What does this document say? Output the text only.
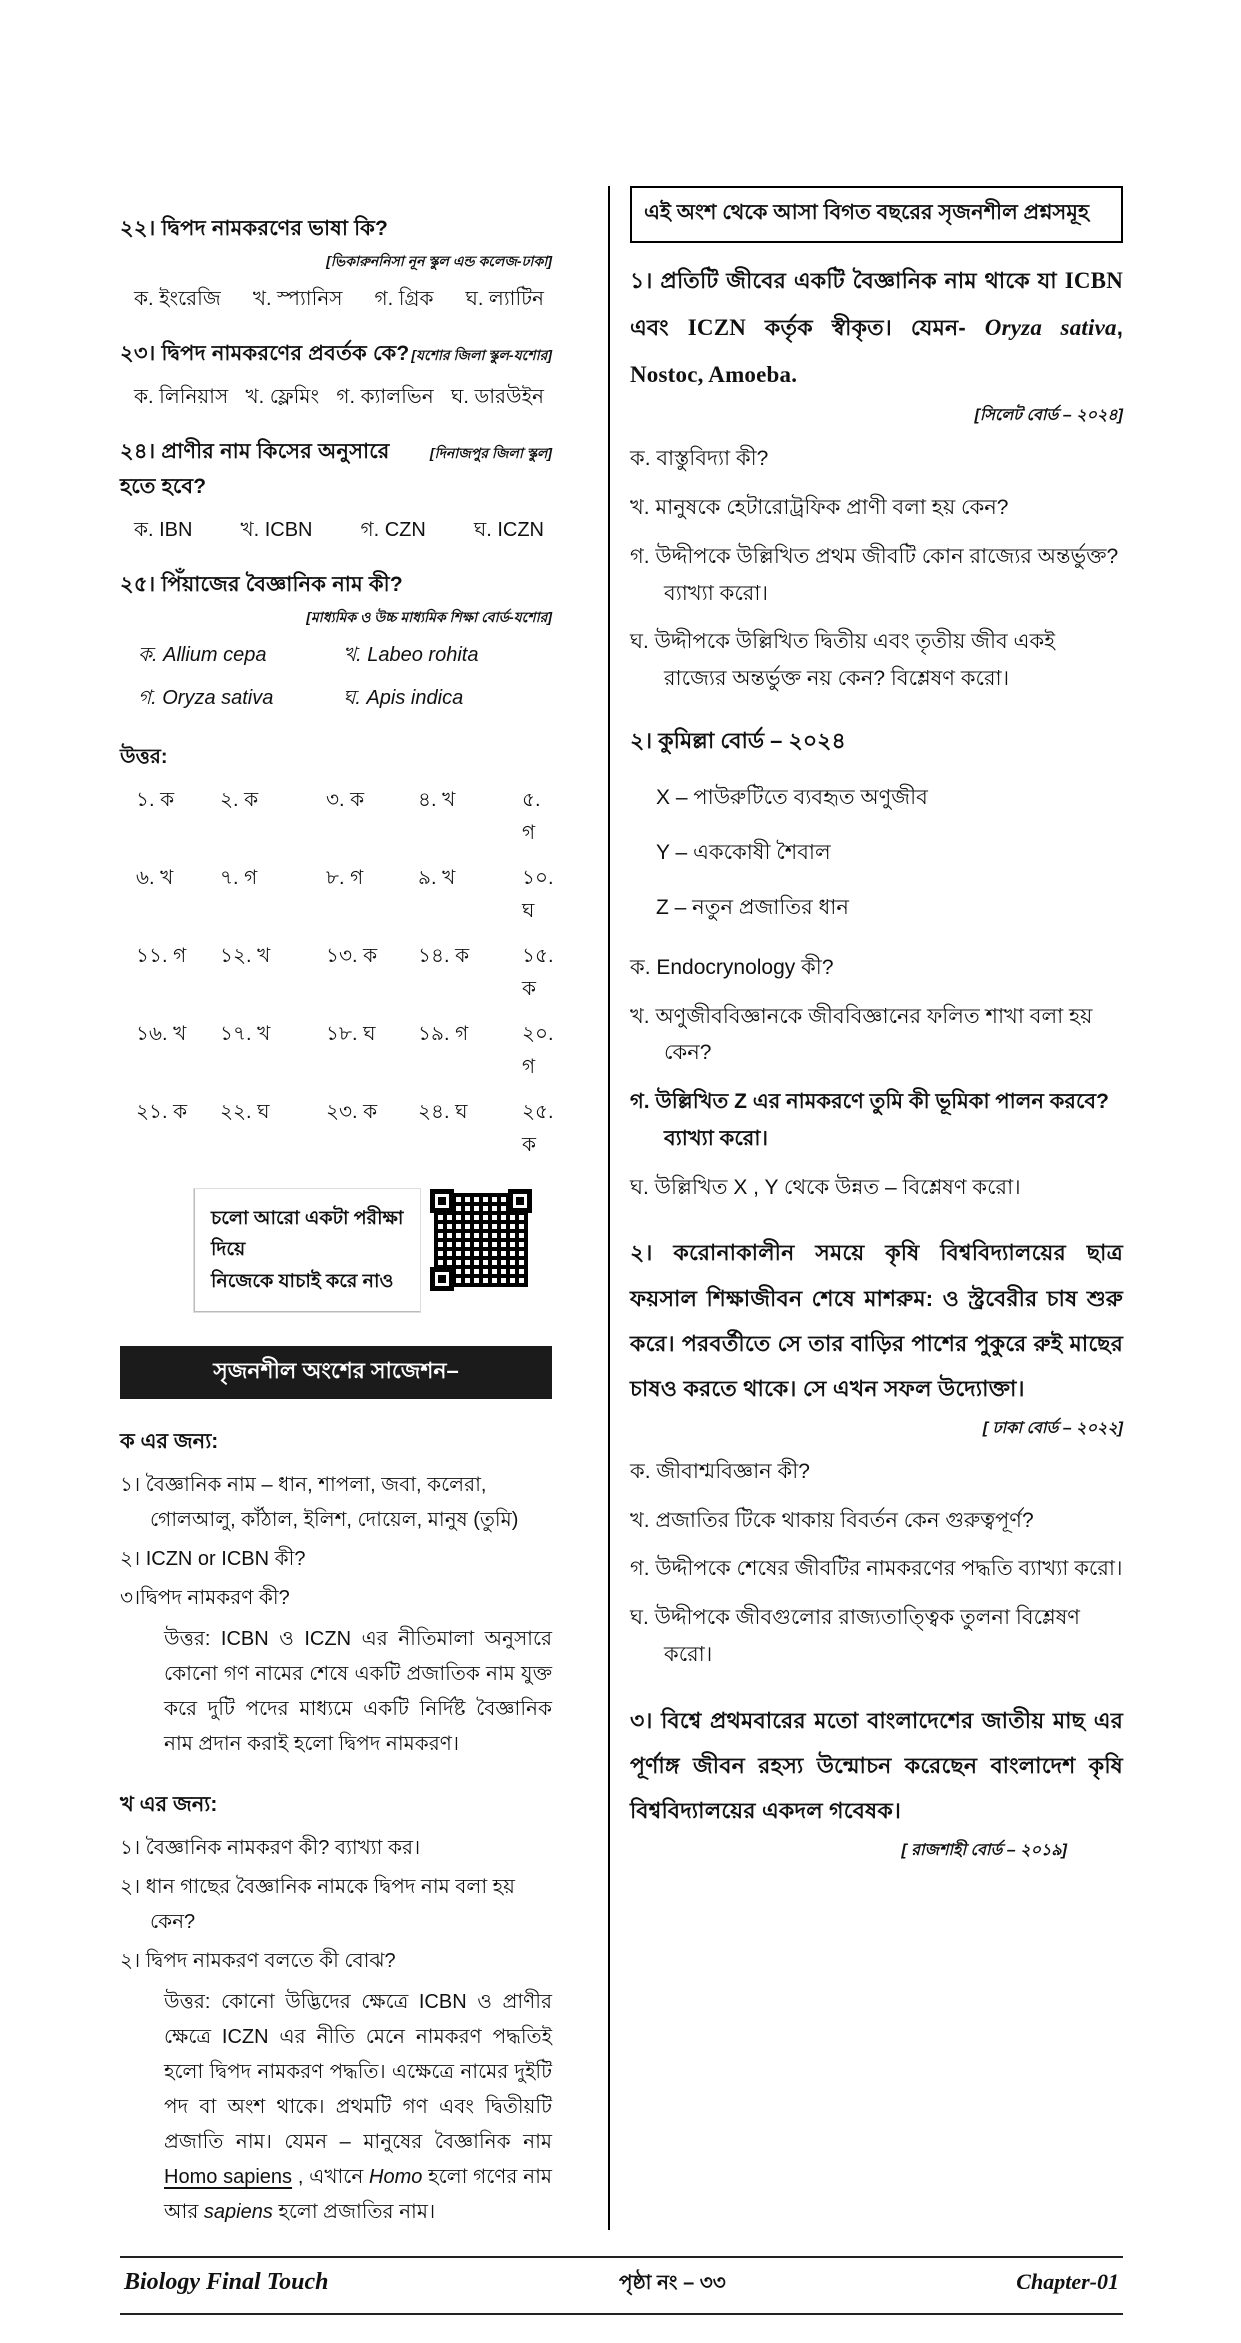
২২। দ্বিপদ নামকরণের ভাষা কি?
[ভিকারুননিসা নূন স্কুল এন্ড কলেজ-ঢাকা]
ক. ইংরেজি খ. স্প্যানিস গ. গ্রিক ঘ. ল্যাটিন
২৩। দ্বিপদ নামকরণের প্রবর্তক কে? [যশোর জিলা স্কুল-যশোর]
ক. লিনিয়াস খ. ফ্লেমিং গ. ক্যালভিন ঘ. ডারউইন
২৪। প্রাণীর নাম কিসের অনুসারে হতে হবে?
[দিনাজপুর জিলা স্কুল]
ক. IBN খ. ICBN গ. CZN ঘ. ICZN
২৫। পিঁয়াজের বৈজ্ঞানিক নাম কী?
[মাধ্যমিক ও উচ্চ মাধ্যমিক শিক্ষা বোর্ড-যশোর]
ক. Allium cepa	খ. Labeo rohita
গ. Oryza sativa	ঘ. Apis indica
উত্তর:
১. ক	২. ক	৩. ক	৪. খ	৫. গ
৬. খ	৭. গ	৮. গ	৯. খ	১০. ঘ
১১. গ	১২. খ	১৩. ক	১৪. ক	১৫. ক
১৬. খ	১৭. খ	১৮. ঘ	১৯. গ	২০. গ
২১. ক	২২. ঘ	২৩. ক	২৪. ঘ	২৫. ক
চলো আরো একটা পরীক্ষা দিয়ে
নিজেকে যাচাই করে নাও
সৃজনশীল অংশের সাজেশন–
ক এর জন্য:
১। বৈজ্ঞানিক নাম – ধান, শাপলা, জবা, কলেরা, গোলআলু, কাঁঠাল, ইলিশ, দোয়েল, মানুষ (তুমি)
২। ICZN or ICBN কী?
৩।দ্বিপদ নামকরণ কী?
উত্তর: ICBN ও ICZN এর নীতিমালা অনুসারে কোনো গণ নামের শেষে একটি প্রজাতিক নাম যুক্ত করে দুটি পদের মাধ্যমে একটি নির্দিষ্ট বৈজ্ঞানিক নাম প্রদান করাই হলো দ্বিপদ নামকরণ।
খ এর জন্য:
১। বৈজ্ঞানিক নামকরণ কী? ব্যাখ্যা কর।
২। ধান গাছের বৈজ্ঞানিক নামকে দ্বিপদ নাম বলা হয় কেন?
২। দ্বিপদ নামকরণ বলতে কী বোঝ?
উত্তর: কোনো উদ্ভিদের ক্ষেত্রে ICBN ও প্রাণীর ক্ষেত্রে ICZN এর নীতি মেনে নামকরণ পদ্ধতিই হলো দ্বিপদ নামকরণ পদ্ধতি। এক্ষেত্রে নামের দুইটি পদ বা অংশ থাকে। প্রথমটি গণ এবং দ্বিতীয়টি প্রজাতি নাম। যেমন – মানুষের বৈজ্ঞানিক নাম Homo sapiens , এখানে Homo হলো গণের নাম আর sapiens হলো প্রজাতির নাম।
এই অংশ থেকে আসা বিগত বছরের সৃজনশীল প্রশ্নসমূহ
১। প্রতিটি জীবের একটি বৈজ্ঞানিক নাম থাকে যা ICBN এবং ICZN কর্তৃক স্বীকৃত। যেমন- Oryza sativa, Nostoc, Amoeba.
[সিলেট বোর্ড – ২০২৪]
ক. বাস্তুবিদ্যা কী?
খ. মানুষকে হেটারোট্রফিক প্রাণী বলা হয় কেন?
গ. উদ্দীপকে উল্লিখিত প্রথম জীবটি কোন রাজ্যের অন্তর্ভুক্ত? ব্যাখ্যা করো।
ঘ. উদ্দীপকে উল্লিখিত দ্বিতীয় এবং তৃতীয় জীব একই রাজ্যের অন্তর্ভুক্ত নয় কেন? বিশ্লেষণ করো।
২। কুমিল্লা বোর্ড – ২০২৪
X – পাউরুটিতে ব্যবহৃত অণুজীব
Y – এককোষী শৈবাল
Z – নতুন প্রজাতির ধান
ক. Endocrynology কী?
খ. অণুজীববিজ্ঞানকে জীববিজ্ঞানের ফলিত শাখা বলা হয় কেন?
গ. উল্লিখিত Z এর নামকরণে তুমি কী ভূমিকা পালন করবে? ব্যাখ্যা করো।
ঘ. উল্লিখিত X , Y থেকে উন্নত – বিশ্লেষণ করো।
২। করোনাকালীন সময়ে কৃষি বিশ্ববিদ্যালয়ের ছাত্র ফয়সাল শিক্ষাজীবন শেষে মাশরুম: ও স্ট্রবেরীর চাষ শুরু করে। পরবর্তীতে সে তার বাড়ির পাশের পুকুরে রুই মাছের চাষও করতে থাকে। সে এখন সফল উদ্যোক্তা।
[ ঢাকা বোর্ড – ২০২২]
ক. জীবাশ্মবিজ্ঞান কী?
খ. প্রজাতির টিকে থাকায় বিবর্তন কেন গুরুত্বপূর্ণ?
গ. উদ্দীপকে শেষের জীবটির নামকরণের পদ্ধতি ব্যাখ্যা করো।
ঘ. উদ্দীপকে জীবগুলোর রাজ্যতাত্ত্বিক তুলনা বিশ্লেষণ করো।
৩। বিশ্বে প্রথমবারের মতো বাংলাদেশের জাতীয় মাছ এর পূর্ণাঙ্গ জীবন রহস্য উন্মোচন করেছেন বাংলাদেশ কৃষি বিশ্ববিদ্যালয়ের একদল গবেষক।
[ রাজশাহী বোর্ড – ২০১৯]
Biology Final Touch	পৃষ্ঠা নং – ৩৩	Chapter-01
